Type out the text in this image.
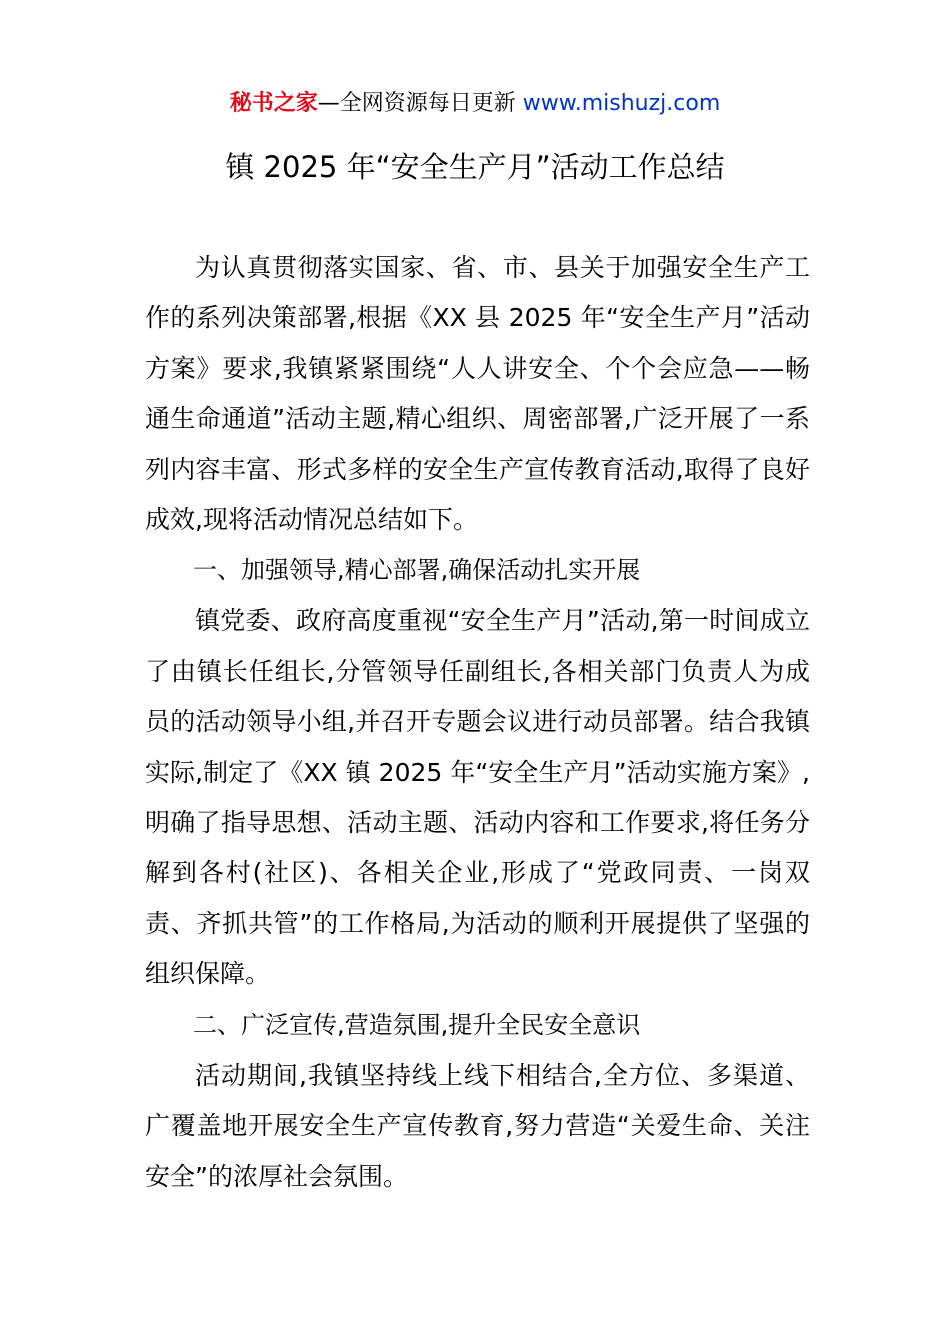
秘书之家—全网资源每日更新 www.mishuzj.com
镇 2025 年“安全生产月”活动工作总结

为认真贯彻落实国家、省、市、县关于加强安全生产工作的系列决策部署,根据《XX 县 2025 年“安全生产月”活动方案》要求,我镇紧紧围绕“人人讲安全、个个会应急——畅通生命通道”活动主题,精心组织、周密部署,广泛开展了一系列内容丰富、形式多样的安全生产宣传教育活动,取得了良好成效,现将活动情况总结如下。

一、加强领导,精心部署,确保活动扎实开展

镇党委、政府高度重视“安全生产月”活动,第一时间成立了由镇长任组长,分管领导任副组长,各相关部门负责人为成员的活动领导小组,并召开专题会议进行动员部署。结合我镇实际,制定了《XX 镇 2025 年“安全生产月”活动实施方案》,明确了指导思想、活动主题、活动内容和工作要求,将任务分解到各村(社区)、各相关企业,形成了“党政同责、一岗双责、齐抓共管”的工作格局,为活动的顺利开展提供了坚强的组织保障。

二、广泛宣传,营造氛围,提升全民安全意识

活动期间,我镇坚持线上线下相结合,全方位、多渠道、广覆盖地开展安全生产宣传教育,努力营造“关爱生命、关注安全”的浓厚社会氛围。
